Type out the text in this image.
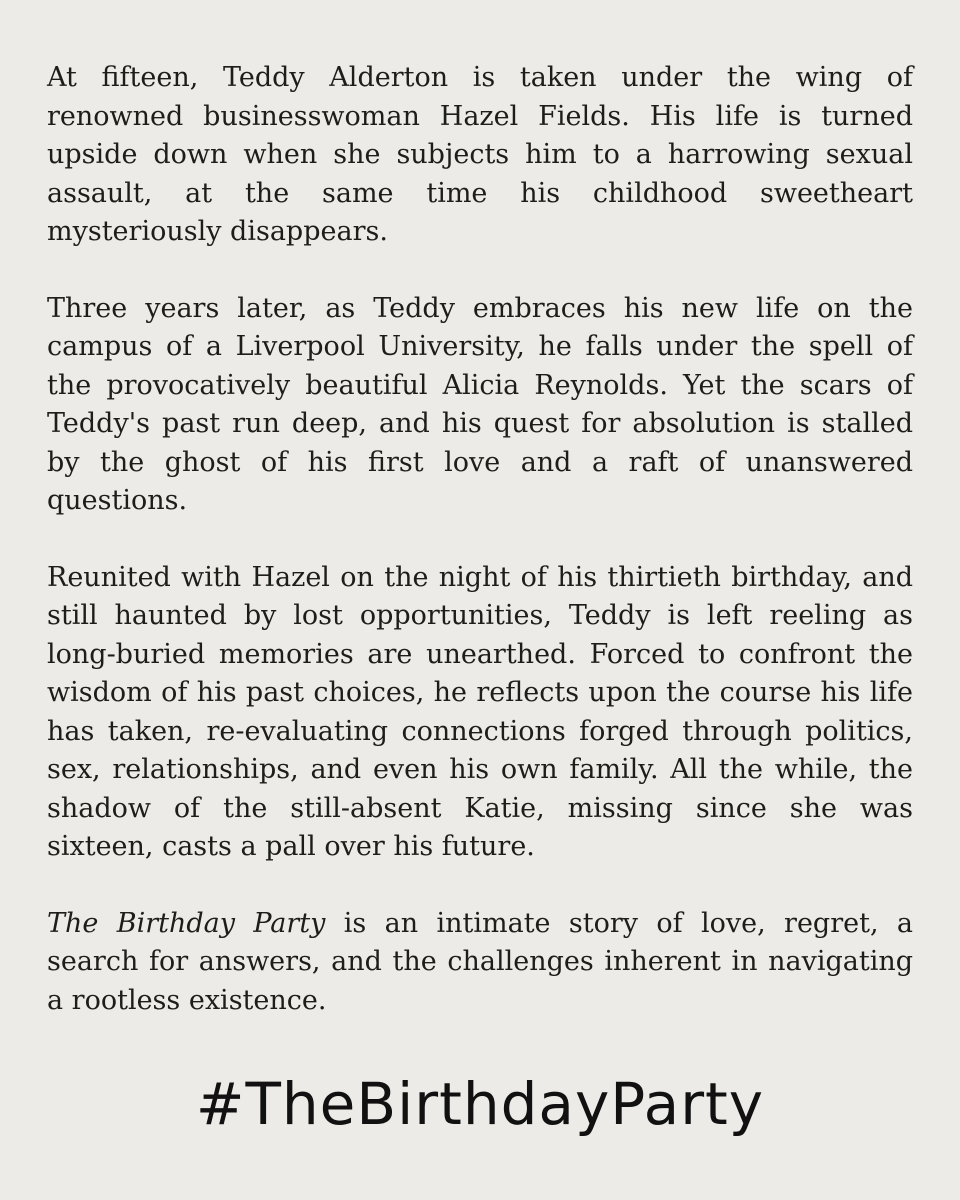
At fifteen, Teddy Alderton is taken under the wing of renowned businesswoman Hazel Fields. His life is turned upside down when she subjects him to a harrowing sexual assault, at the same time his childhood sweetheart mysteriously disappears.

Three years later, as Teddy embraces his new life on the campus of a Liverpool University, he falls under the spell of the provocatively beautiful Alicia Reynolds. Yet the scars of Teddy's past run deep, and his quest for absolution is stalled by the ghost of his first love and a raft of unanswered questions.

Reunited with Hazel on the night of his thirtieth birthday, and still haunted by lost opportunities, Teddy is left reeling as long-buried memories are unearthed. Forced to confront the wisdom of his past choices, he reflects upon the course his life has taken, re-evaluating connections forged through politics, sex, relationships, and even his own family. All the while, the shadow of the still-absent Katie, missing since she was sixteen, casts a pall over his future.

The Birthday Party is an intimate story of love, regret, a search for answers, and the challenges inherent in navigating a rootless existence.

#TheBirthdayParty
